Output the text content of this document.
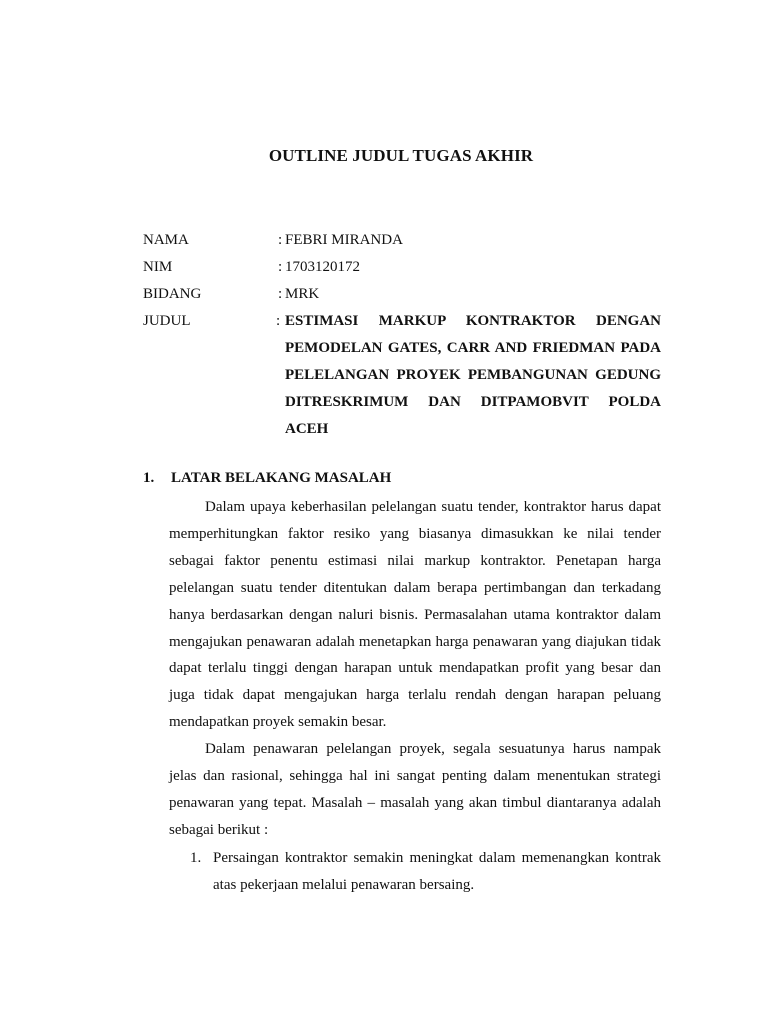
OUTLINE JUDUL TUGAS AKHIR
NAMA	: FEBRI MIRANDA
NIM	: 1703120172
BIDANG	: MRK
JUDUL	: ESTIMASI MARKUP KONTRAKTOR DENGAN
PEMODELAN GATES, CARR AND FRIEDMAN PADA
PELELANGAN PROYEK PEMBANGUNAN GEDUNG
DITRESKRIMUM DAN DITPAMOBVIT POLDA
ACEH
1. LATAR BELAKANG MASALAH

Dalam upaya keberhasilan pelelangan suatu tender, kontraktor harus dapat memperhitungkan faktor resiko yang biasanya dimasukkan ke nilai tender sebagai faktor penentu estimasi nilai markup kontraktor. Penetapan harga pelelangan suatu tender ditentukan dalam berapa pertimbangan dan terkadang hanya berdasarkan dengan naluri bisnis. Permasalahan utama kontraktor dalam mengajukan penawaran adalah menetapkan harga penawaran yang diajukan tidak dapat terlalu tinggi dengan harapan untuk mendapatkan profit yang besar dan juga tidak dapat mengajukan harga terlalu rendah dengan harapan peluang mendapatkan proyek semakin besar.

Dalam penawaran pelelangan proyek, segala sesuatunya harus nampak jelas dan rasional, sehingga hal ini sangat penting dalam menentukan strategi penawaran yang tepat. Masalah – masalah yang akan timbul diantaranya adalah sebagai berikut :

1. Persaingan kontraktor semakin meningkat dalam memenangkan kontrak atas pekerjaan melalui penawaran bersaing.
